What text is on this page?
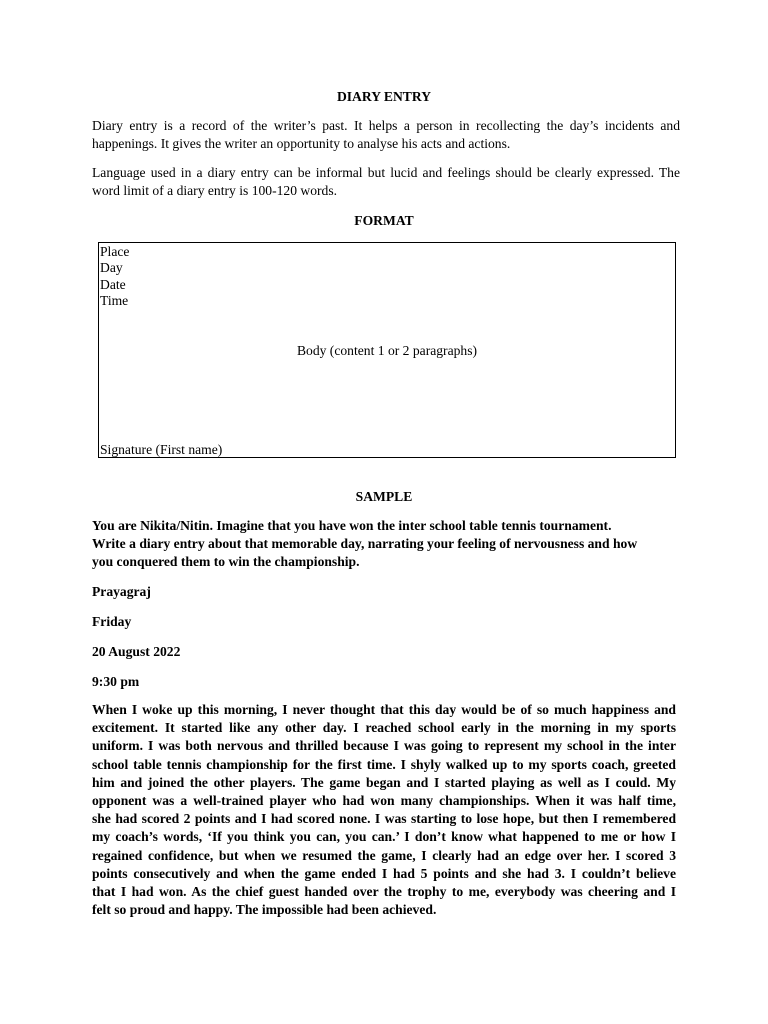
DIARY ENTRY

Diary entry is a record of the writer’s past. It helps a person in recollecting the day’s incidents and
happenings. It gives the writer an opportunity to analyse his acts and actions.

Language used in a diary entry can be informal but lucid and feelings should be clearly expressed. The
word limit of a diary entry is 100-120 words.

FORMAT

Place

Day

Date

Time

Body (content 1 or 2 paragraphs)

Signature (First name)

SAMPLE

You are Nikita/Nitin. Imagine that you have won the inter school table tennis tournament.
Write a diary entry about that memorable day, narrating your feeling of nervousness and how
you conquered them to win the championship.

Prayagraj

Friday

20 August 2022

9:30 pm

When I woke up this morning, I never thought that this day would be of so much happiness and
excitement. It started like any other day. I reached school early in the morning in my sports
uniform. I was both nervous and thrilled because I was going to represent my school in the inter
school table tennis championship for the first time. I shyly walked up to my sports coach, greeted
him and joined the other players. The game began and I started playing as well as I could. My
opponent was a well-trained player who had won many championships. When it was half time,
she had scored 2 points and I had scored none. I was starting to lose hope, but then I remembered
my coach’s words, ‘If you think you can, you can.’ I don’t know what happened to me or how I
regained confidence, but when we resumed the game, I clearly had an edge over her. I scored 3
points consecutively and when the game ended I had 5 points and she had 3. I couldn’t believe
that I had won. As the chief guest handed over the trophy to me, everybody was cheering and I
felt so proud and happy. The impossible had been achieved.
